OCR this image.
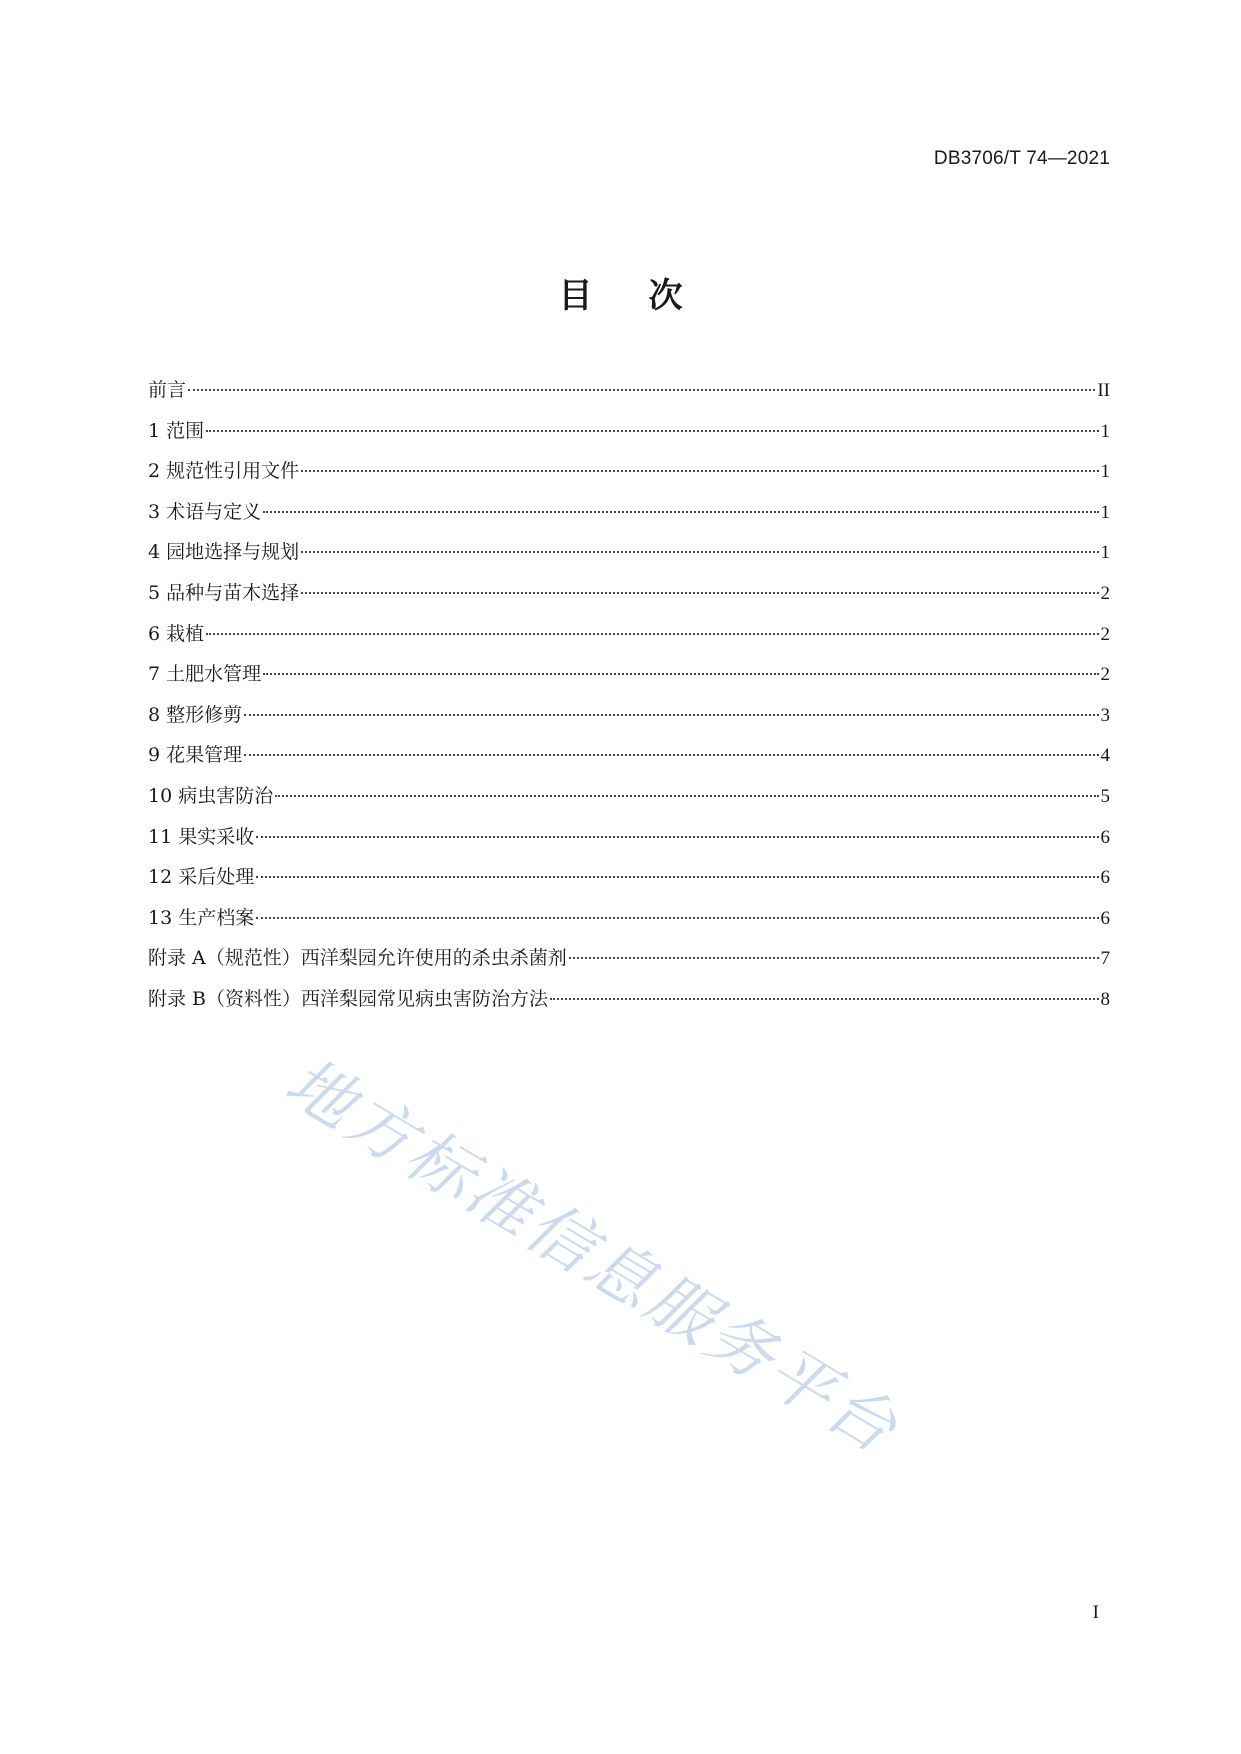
DB3706/T 74—2021
目 次
前言	II
1 范围	1
2 规范性引用文件	1
3 术语与定义	1
4 园地选择与规划	1
5 品种与苗木选择	2
6 栽植	2
7 土肥水管理	2
8 整形修剪	3
9 花果管理	4
10 病虫害防治	5
11 果实采收	6
12 采后处理	6
13 生产档案	6
附录 A（规范性）西洋梨园允许使用的杀虫杀菌剂	7
附录 B（资料性）西洋梨园常见病虫害防治方法	8
地方标准信息服务平台
I
